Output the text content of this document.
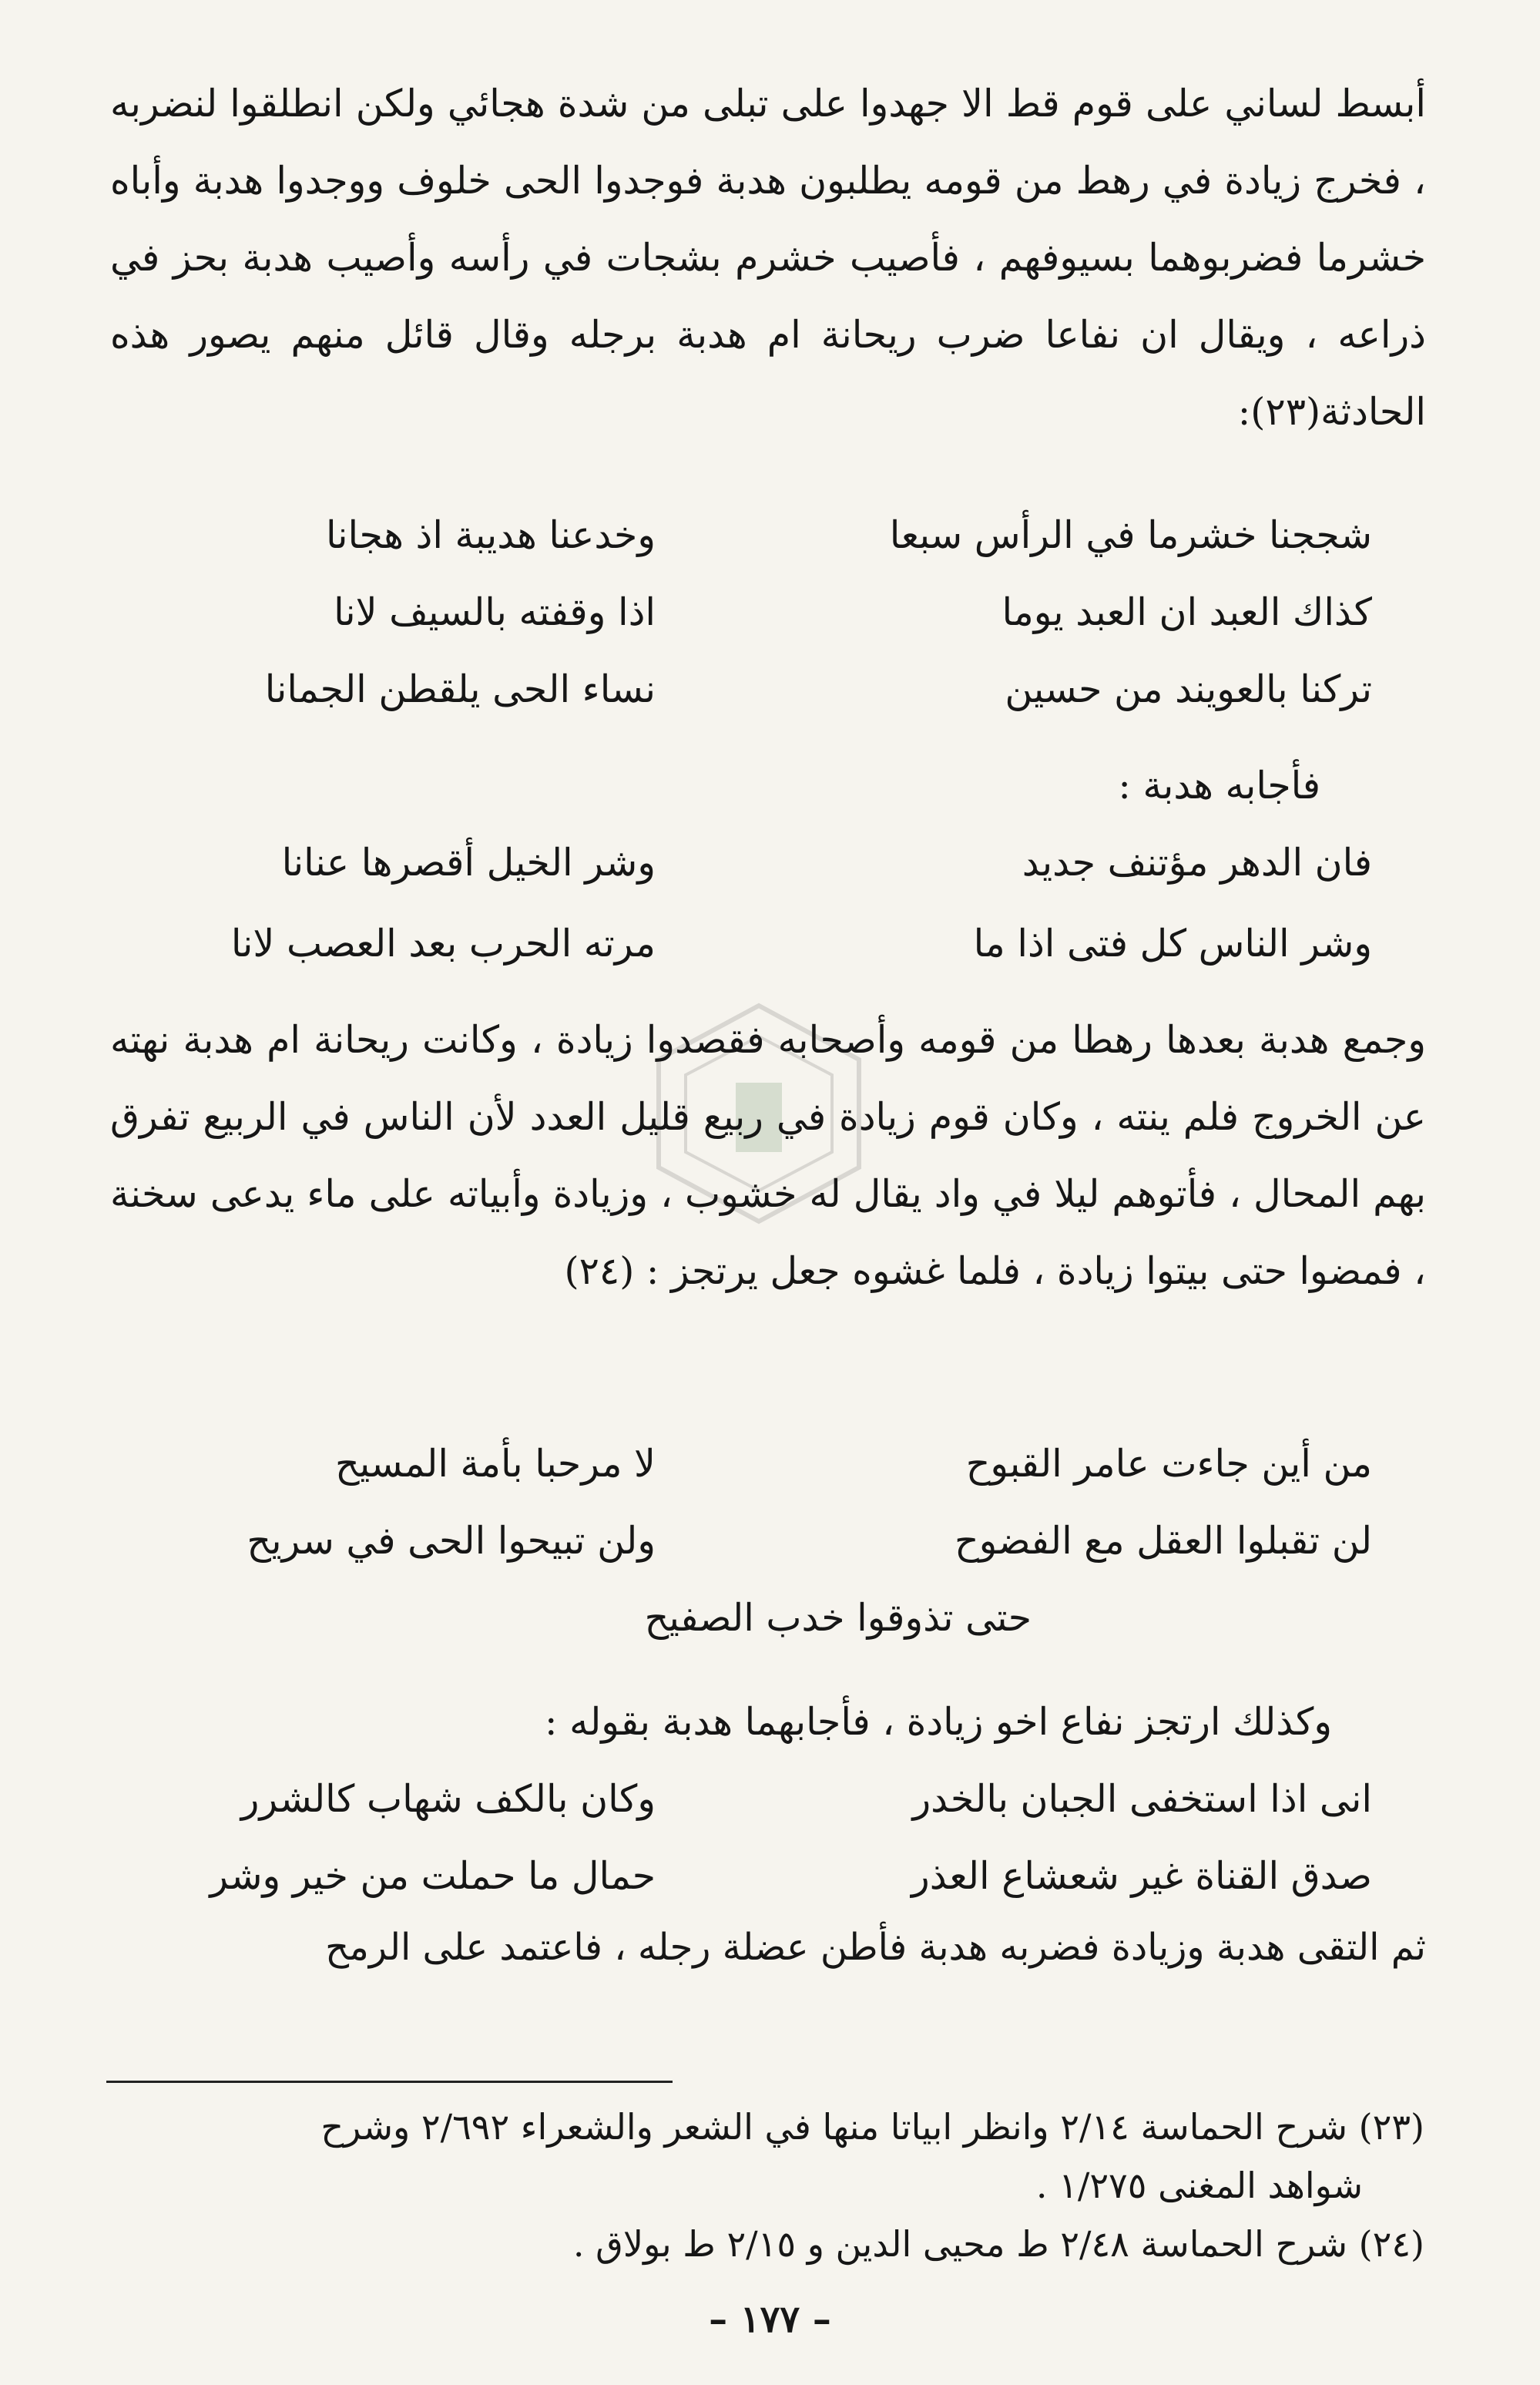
أبسط لساني على قوم قط الا جهدوا على تبلى من شدة هجائي ولكن انطلقوا لنضربه ، فخرج زيادة في رهط من قومه يطلبون هدبة فوجدوا الحى خلوف ووجدوا هدبة وأباه خشرما فضربوهما بسيوفهم ، فأصيب خشرم بشجات في رأسه وأصيب هدبة بحز في ذراعه ، ويقال ان نفاعا ضرب ريحانة ام هدبة برجله وقال قائل منهم يصور هذه الحادثة(٢٣):

شججنا خشرما في الرأس سبعا
وخدعنا هديبة اذ هجانا
كذاك العبد ان العبد يوما
اذا وقفته بالسيف لانا
تركنا بالعويند من حسين
نساء الحى يلقطن الجمانا
فأجابه هدبة :
فان الدهر مؤتنف جديد
وشر الخيل أقصرها عنانا
وشر الناس كل فتى اذا ما
مرته الحرب بعد العصب لانا

وجمع هدبة بعدها رهطا من قومه وأصحابه فقصدوا زيادة ، وكانت ريحانة ام هدبة نهته عن الخروج فلم ينته ، وكان قوم زيادة في ربيع قليل العدد لأن الناس في الربيع تفرق بهم المحال ، فأتوهم ليلا في واد يقال له خشوب ، وزيادة وأبياته على ماء يدعى سخنة ، فمضوا حتى بيتوا زيادة ، فلما غشوه جعل يرتجز : (٢٤)

من أين جاءت عامر القبوح
لا مرحبا بأمة المسيح
لن تقبلوا العقل مع الفضوح
ولن تبيحوا الحى في سريح
حتى تذوقوا خدب الصفيح
وكذلك ارتجز نفاع اخو زيادة ، فأجابهما هدبة بقوله :
انى اذا استخفى الجبان بالخدر
وكان بالكف شهاب كالشرر
صدق القناة غير شعشاع العذر
حمال ما حملت من خير وشر

ثم التقى هدبة وزيادة فضربه هدبة فأطن عضلة رجله ، فاعتمد على الرمح

(٢٣) شرح الحماسة ٢/١٤ وانظر ابياتا منها في الشعر والشعراء ٢/٦٩٢ وشرح

شواهد المغنى ١/٢٧٥ .

(٢٤) شرح الحماسة ٢/٤٨ ط محيى الدين و ٢/١٥ ط بولاق .

– ١٧٧ –
